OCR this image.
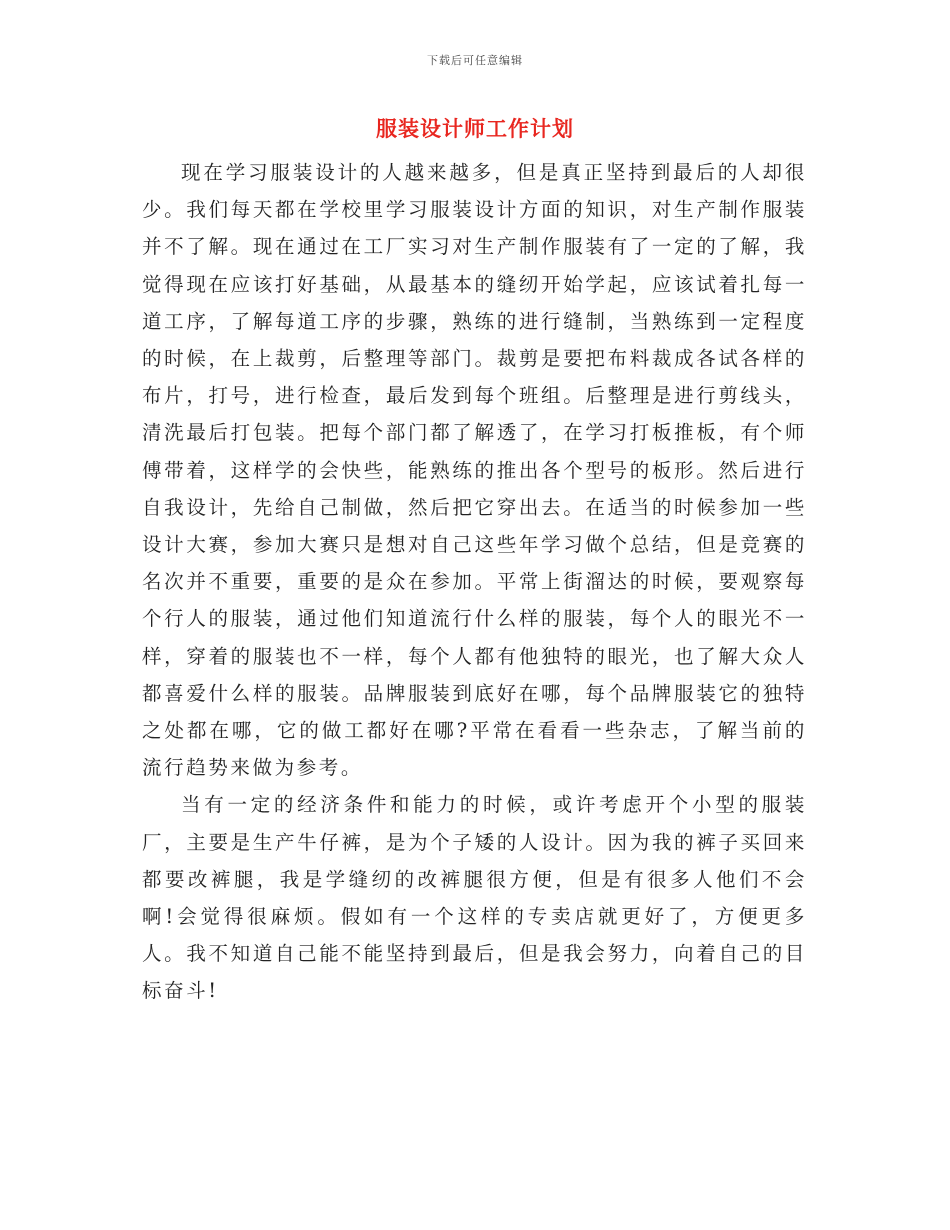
下载后可任意编辑
服装设计师工作计划

现在学习服装设计的人越来越多，但是真正坚持到最后的人却很少。我们每天都在学校里学习服装设计方面的知识，对生产制作服装并不了解。现在通过在工厂实习对生产制作服装有了一定的了解，我觉得现在应该打好基础，从最基本的缝纫开始学起，应该试着扎每一道工序，了解每道工序的步骤，熟练的进行缝制，当熟练到一定程度的时候，在上裁剪，后整理等部门。裁剪是要把布料裁成各试各样的布片，打号，进行检查，最后发到每个班组。后整理是进行剪线头，清洗最后打包装。把每个部门都了解透了，在学习打板推板，有个师傅带着，这样学的会快些，能熟练的推出各个型号的板形。然后进行自我设计，先给自己制做，然后把它穿出去。在适当的时候参加一些设计大赛，参加大赛只是想对自己这些年学习做个总结，但是竞赛的名次并不重要，重要的是众在参加。平常上街溜达的时候，要观察每个行人的服装，通过他们知道流行什么样的服装，每个人的眼光不一样，穿着的服装也不一样，每个人都有他独特的眼光，也了解大众人都喜爱什么样的服装。品牌服装到底好在哪，每个品牌服装它的独特之处都在哪，它的做工都好在哪?平常在看看一些杂志，了解当前的流行趋势来做为参考。

当有一定的经济条件和能力的时候，或许考虑开个小型的服装厂，主要是生产牛仔裤，是为个子矮的人设计。因为我的裤子买回来都要改裤腿，我是学缝纫的改裤腿很方便，但是有很多人他们不会啊!会觉得很麻烦。假如有一个这样的专卖店就更好了，方便更多人。我不知道自己能不能坚持到最后，但是我会努力，向着自己的目标奋斗!
